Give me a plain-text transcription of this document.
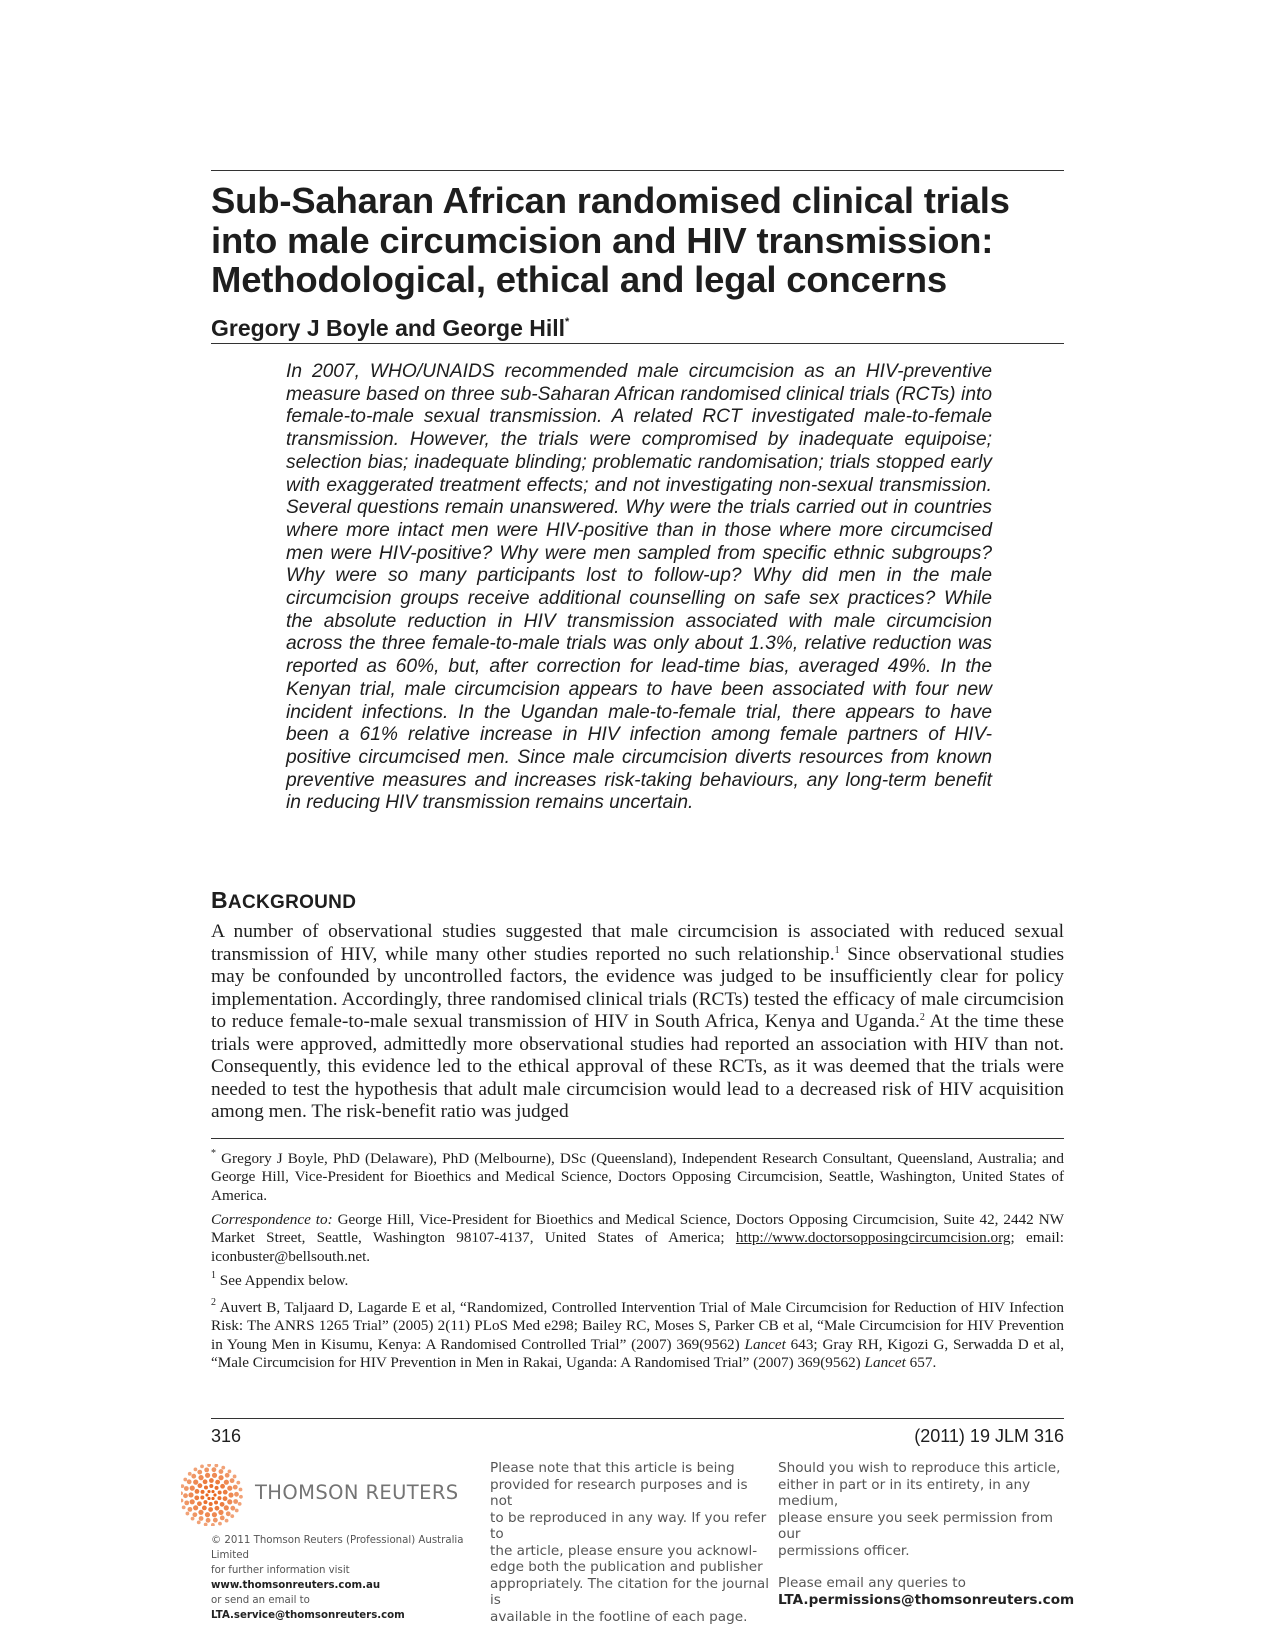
Sub-Saharan African randomised clinical trials
into male circumcision and HIV transmission:
Methodological, ethical and legal concerns
Gregory J Boyle and George Hill*

In 2007, WHO/UNAIDS recommended male circumcision as an HIV-preventive measure based on three sub-Saharan African randomised clinical trials (RCTs) into female-to-male sexual transmission. A related RCT investigated male-to-female transmission. However, the trials were compromised by inadequate equipoise; selection bias; inadequate blinding; problematic randomisation; trials stopped early with exaggerated treatment effects; and not investigating non-sexual transmission. Several questions remain unanswered. Why were the trials carried out in countries where more intact men were HIV-positive than in those where more circumcised men were HIV-positive? Why were men sampled from specific ethnic subgroups? Why were so many participants lost to follow-up? Why did men in the male circumcision groups receive additional counselling on safe sex practices? While the absolute reduction in HIV transmission associated with male circumcision across the three female-to-male trials was only about 1.3%, relative reduction was reported as 60%, but, after correction for lead-time bias, averaged 49%. In the Kenyan trial, male circumcision appears to have been associated with four new incident infections. In the Ugandan male-to-female trial, there appears to have been a 61% relative increase in HIV infection among female partners of HIV-positive circumcised men. Since male circumcision diverts resources from known preventive measures and increases risk-taking behaviours, any long-term benefit in reducing HIV transmission remains uncertain.

BACKGROUND

A number of observational studies suggested that male circumcision is associated with reduced sexual transmission of HIV, while many other studies reported no such relationship.$^1$ Since observational studies may be confounded by uncontrolled factors, the evidence was judged to be insufficiently clear for policy implementation. Accordingly, three randomised clinical trials (RCTs) tested the efficacy of male circumcision to reduce female-to-male sexual transmission of HIV in South Africa, Kenya and Uganda.$^2$ At the time these trials were approved, admittedly more observational studies had reported an association with HIV than not. Consequently, this evidence led to the ethical approval of these RCTs, as it was deemed that the trials were needed to test the hypothesis that adult male circumcision would lead to a decreased risk of HIV acquisition among men. The risk-benefit ratio was judged

* Gregory J Boyle, PhD (Delaware), PhD (Melbourne), DSc (Queensland), Independent Research Consultant, Queensland, Australia; and George Hill, Vice-President for Bioethics and Medical Science, Doctors Opposing Circumcision, Seattle, Washington, United States of America.

Correspondence to: George Hill, Vice-President for Bioethics and Medical Science, Doctors Opposing Circumcision, Suite 42, 2442 NW Market Street, Seattle, Washington 98107-4137, United States of America; http://www.doctorsopposingcircumcision.org; email: iconbuster@bellsouth.net.

$^1$ See Appendix below.

$^2$ Auvert B, Taljaard D, Lagarde E et al, “Randomized, Controlled Intervention Trial of Male Circumcision for Reduction of HIV Infection Risk: The ANRS 1265 Trial” (2005) 2(11) PLoS Med e298; Bailey RC, Moses S, Parker CB et al, “Male Circumcision for HIV Prevention in Young Men in Kisumu, Kenya: A Randomised Controlled Trial” (2007) 369(9562) Lancet 643; Gray RH, Kigozi G, Serwadda D et al, “Male Circumcision for HIV Prevention in Men in Rakai, Uganda: A Randomised Trial” (2007) 369(9562) Lancet 657.

316	(2011) 19 JLM 316
THOMSON REUTERS
© 2011 Thomson Reuters (Professional) Australia Limited
for further information visit www.thomsonreuters.com.au
or send an email to LTA.service@thomsonreuters.com
Please note that this article is being
provided for research purposes and is not
to be reproduced in any way. If you refer to
the article, please ensure you acknowl-
edge both the publication and publisher
appropriately. The citation for the journal is
available in the footline of each page.
Should you wish to reproduce this article,
either in part or in its entirety, in any medium,
please ensure you seek permission from our
permissions officer.
Please email any queries to
LTA.permissions@thomsonreuters.com
